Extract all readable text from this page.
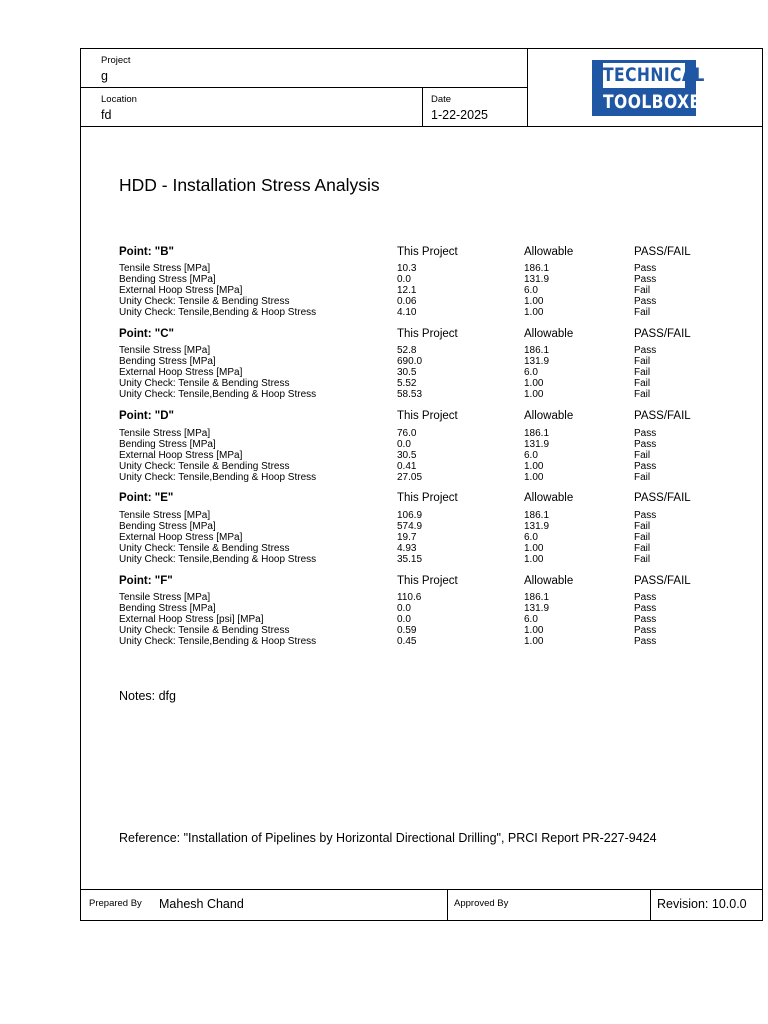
Project
g
Location
fd
Date
1-22-2025
TECHNICAL
TOOLBOXES
HDD - Installation Stress Analysis
Point: "B"	This Project	Allowable	PASS/FAIL
Tensile Stress [MPa]	10.3	186.1	Pass
Bending Stress [MPa]	0.0	131.9	Pass
External Hoop Stress [MPa]	12.1	6.0	Fail
Unity Check: Tensile & Bending Stress	0.06	1.00	Pass
Unity Check: Tensile,Bending & Hoop Stress	4.10	1.00	Fail
Point: "C"	This Project	Allowable	PASS/FAIL
Tensile Stress [MPa]	52.8	186.1	Pass
Bending Stress [MPa]	690.0	131.9	Fail
External Hoop Stress [MPa]	30.5	6.0	Fail
Unity Check: Tensile & Bending Stress	5.52	1.00	Fail
Unity Check: Tensile,Bending & Hoop Stress	58.53	1.00	Fail
Point: "D"	This Project	Allowable	PASS/FAIL
Tensile Stress [MPa]	76.0	186.1	Pass
Bending Stress [MPa]	0.0	131.9	Pass
External Hoop Stress [MPa]	30.5	6.0	Fail
Unity Check: Tensile & Bending Stress	0.41	1.00	Pass
Unity Check: Tensile,Bending & Hoop Stress	27.05	1.00	Fail
Point: "E"	This Project	Allowable	PASS/FAIL
Tensile Stress [MPa]	106.9	186.1	Pass
Bending Stress [MPa]	574.9	131.9	Fail
External Hoop Stress [MPa]	19.7	6.0	Fail
Unity Check: Tensile & Bending Stress	4.93	1.00	Fail
Unity Check: Tensile,Bending & Hoop Stress	35.15	1.00	Fail
Point: "F"	This Project	Allowable	PASS/FAIL
Tensile Stress [MPa]	110.6	186.1	Pass
Bending Stress [MPa]	0.0	131.9	Pass
External Hoop Stress [psi] [MPa]	0.0	6.0	Pass
Unity Check: Tensile & Bending Stress	0.59	1.00	Pass
Unity Check: Tensile,Bending & Hoop Stress	0.45	1.00	Pass
Notes: dfg
Reference: "Installation of Pipelines by Horizontal Directional Drilling", PRCI Report PR-227-9424
Prepared By Mahesh Chand	Approved By	Revision: 10.0.0
